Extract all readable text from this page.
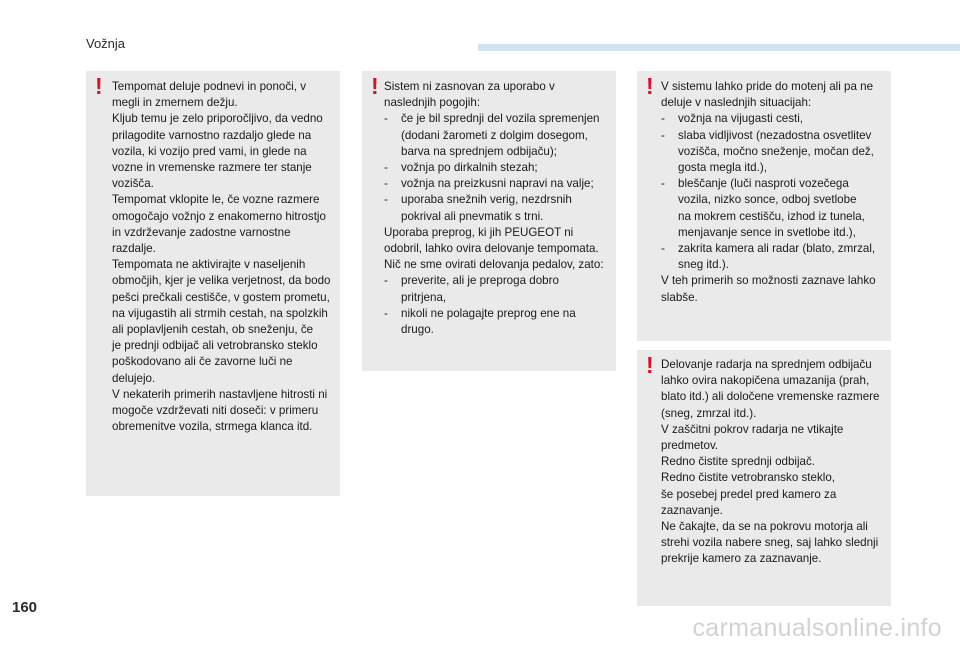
Vožnja
! Tempomat deluje podnevi in ponoči, v

megli in zmernem dežju.

Kljub temu je zelo priporočljivo, da vedno

prilagodite varnostno razdaljo glede na

vozila, ki vozijo pred vami, in glede na

vozne in vremenske razmere ter stanje

vozišča.

Tempomat vklopite le, če vozne razmere

omogočajo vožnjo z enakomerno hitrostjo

in vzdrževanje zadostne varnostne

razdalje.

Tempomata ne aktivirajte v naseljenih

območjih, kjer je velika verjetnost, da bodo

pešci prečkali cestišče, v gostem prometu,

na vijugastih ali strmih cestah, na spolzkih

ali poplavljenih cestah, ob sneženju, če

je prednji odbijač ali vetrobransko steklo

poškodovano ali če zavorne luči ne

delujejo.

V nekaterih primerih nastavljene hitrosti ni

mogoče vzdrževati niti doseči: v primeru

obremenitve vozila, strmega klanca itd.

! Sistem ni zasnovan za uporabo v

naslednjih pogojih:

- če je bil sprednji del vozila spremenjen

(dodani žarometi z dolgim dosegom,

barva na sprednjem odbijaču);

- vožnja po dirkalnih stezah;

- vožnja na preizkusni napravi na valje;

- uporaba snežnih verig, nezdrsnih

pokrival ali pnevmatik s trni.

Uporaba preprog, ki jih PEUGEOT ni

odobril, lahko ovira delovanje tempomata.

Nič ne sme ovirati delovanja pedalov, zato:

- preverite, ali je preproga dobro

pritrjena,

- nikoli ne polagajte preprog ene na

drugo.

! V sistemu lahko pride do motenj ali pa ne

deluje v naslednjih situacijah:

- vožnja na vijugasti cesti,

- slaba vidljivost (nezadostna osvetlitev

vozišča, močno sneženje, močan dež,

gosta megla itd.),

- bleščanje (luči nasproti vozečega

vozila, nizko sonce, odboj svetlobe

na mokrem cestišču, izhod iz tunela,

menjavanje sence in svetlobe itd.),

- zakrita kamera ali radar (blato, zmrzal,

sneg itd.).

V teh primerih so možnosti zaznave lahko

slabše.

! Delovanje radarja na sprednjem odbijaču

lahko ovira nakopičena umazanija (prah,

blato itd.) ali določene vremenske razmere

(sneg, zmrzal itd.).

V zaščitni pokrov radarja ne vtikajte

predmetov.

Redno čistite sprednji odbijač.

Redno čistite vetrobransko steklo,

še posebej predel pred kamero za

zaznavanje.

Ne čakajte, da se na pokrovu motorja ali

strehi vozila nabere sneg, saj lahko slednji

prekrije kamero za zaznavanje.

160
carmanualsonline.info
